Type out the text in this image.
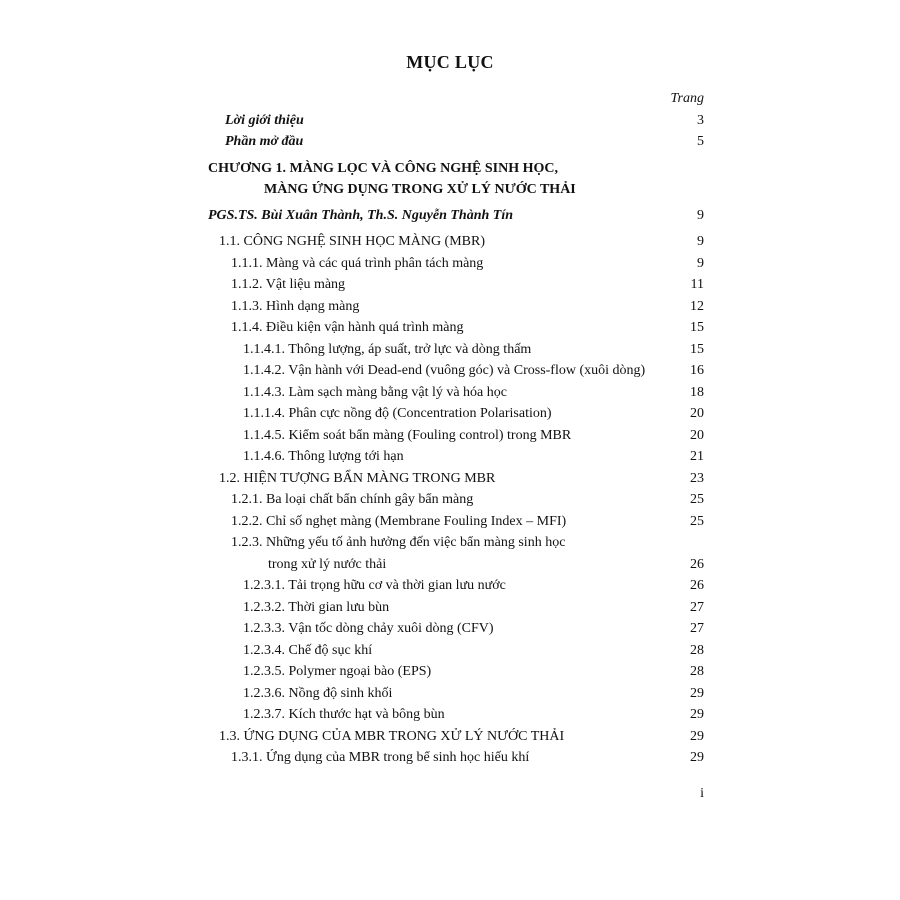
MỤC LỤC
Trang
Lời giới thiệu	3
Phần mở đầu	5
CHƯƠNG 1. MÀNG LỌC VÀ CÔNG NGHỆ SINH HỌC,
MÀNG ỨNG DỤNG TRONG XỬ LÝ NƯỚC THẢI
PGS.TS. Bùi Xuân Thành, Th.S. Nguyễn Thành Tín	9
1.1. CÔNG NGHỆ SINH HỌC MÀNG (MBR)	9
1.1.1. Màng và các quá trình phân tách màng	9
1.1.2. Vật liệu màng	11
1.1.3. Hình dạng màng	12
1.1.4. Điều kiện vận hành quá trình màng	15
1.1.4.1. Thông lượng, áp suất, trở lực và dòng thấm	15
1.1.4.2. Vận hành với Dead-end (vuông góc) và Cross-flow (xuôi dòng)	16
1.1.4.3. Làm sạch màng bằng vật lý và hóa học	18
1.1.1.4. Phân cực nồng độ (Concentration Polarisation)	20
1.1.4.5. Kiểm soát bẩn màng (Fouling control) trong MBR	20
1.1.4.6. Thông lượng tới hạn	21
1.2. HIỆN TƯỢNG BẨN MÀNG TRONG MBR	23
1.2.1. Ba loại chất bẩn chính gây bẩn màng	25
1.2.2. Chỉ số nghẹt màng (Membrane Fouling Index – MFI)	25
1.2.3. Những yếu tố ảnh hưởng đến việc bẩn màng sinh học
trong xử lý nước thải	26
1.2.3.1. Tải trọng hữu cơ và thời gian lưu nước	26
1.2.3.2. Thời gian lưu bùn	27
1.2.3.3. Vận tốc dòng chảy xuôi dòng (CFV)	27
1.2.3.4. Chế độ sục khí	28
1.2.3.5. Polymer ngoại bào (EPS)	28
1.2.3.6. Nồng độ sinh khối	29
1.2.3.7. Kích thước hạt và bông bùn	29
1.3. ỨNG DỤNG CỦA MBR TRONG XỬ LÝ NƯỚC THẢI	29
1.3.1. Ứng dụng của MBR trong bể sinh học hiếu khí	29
i
